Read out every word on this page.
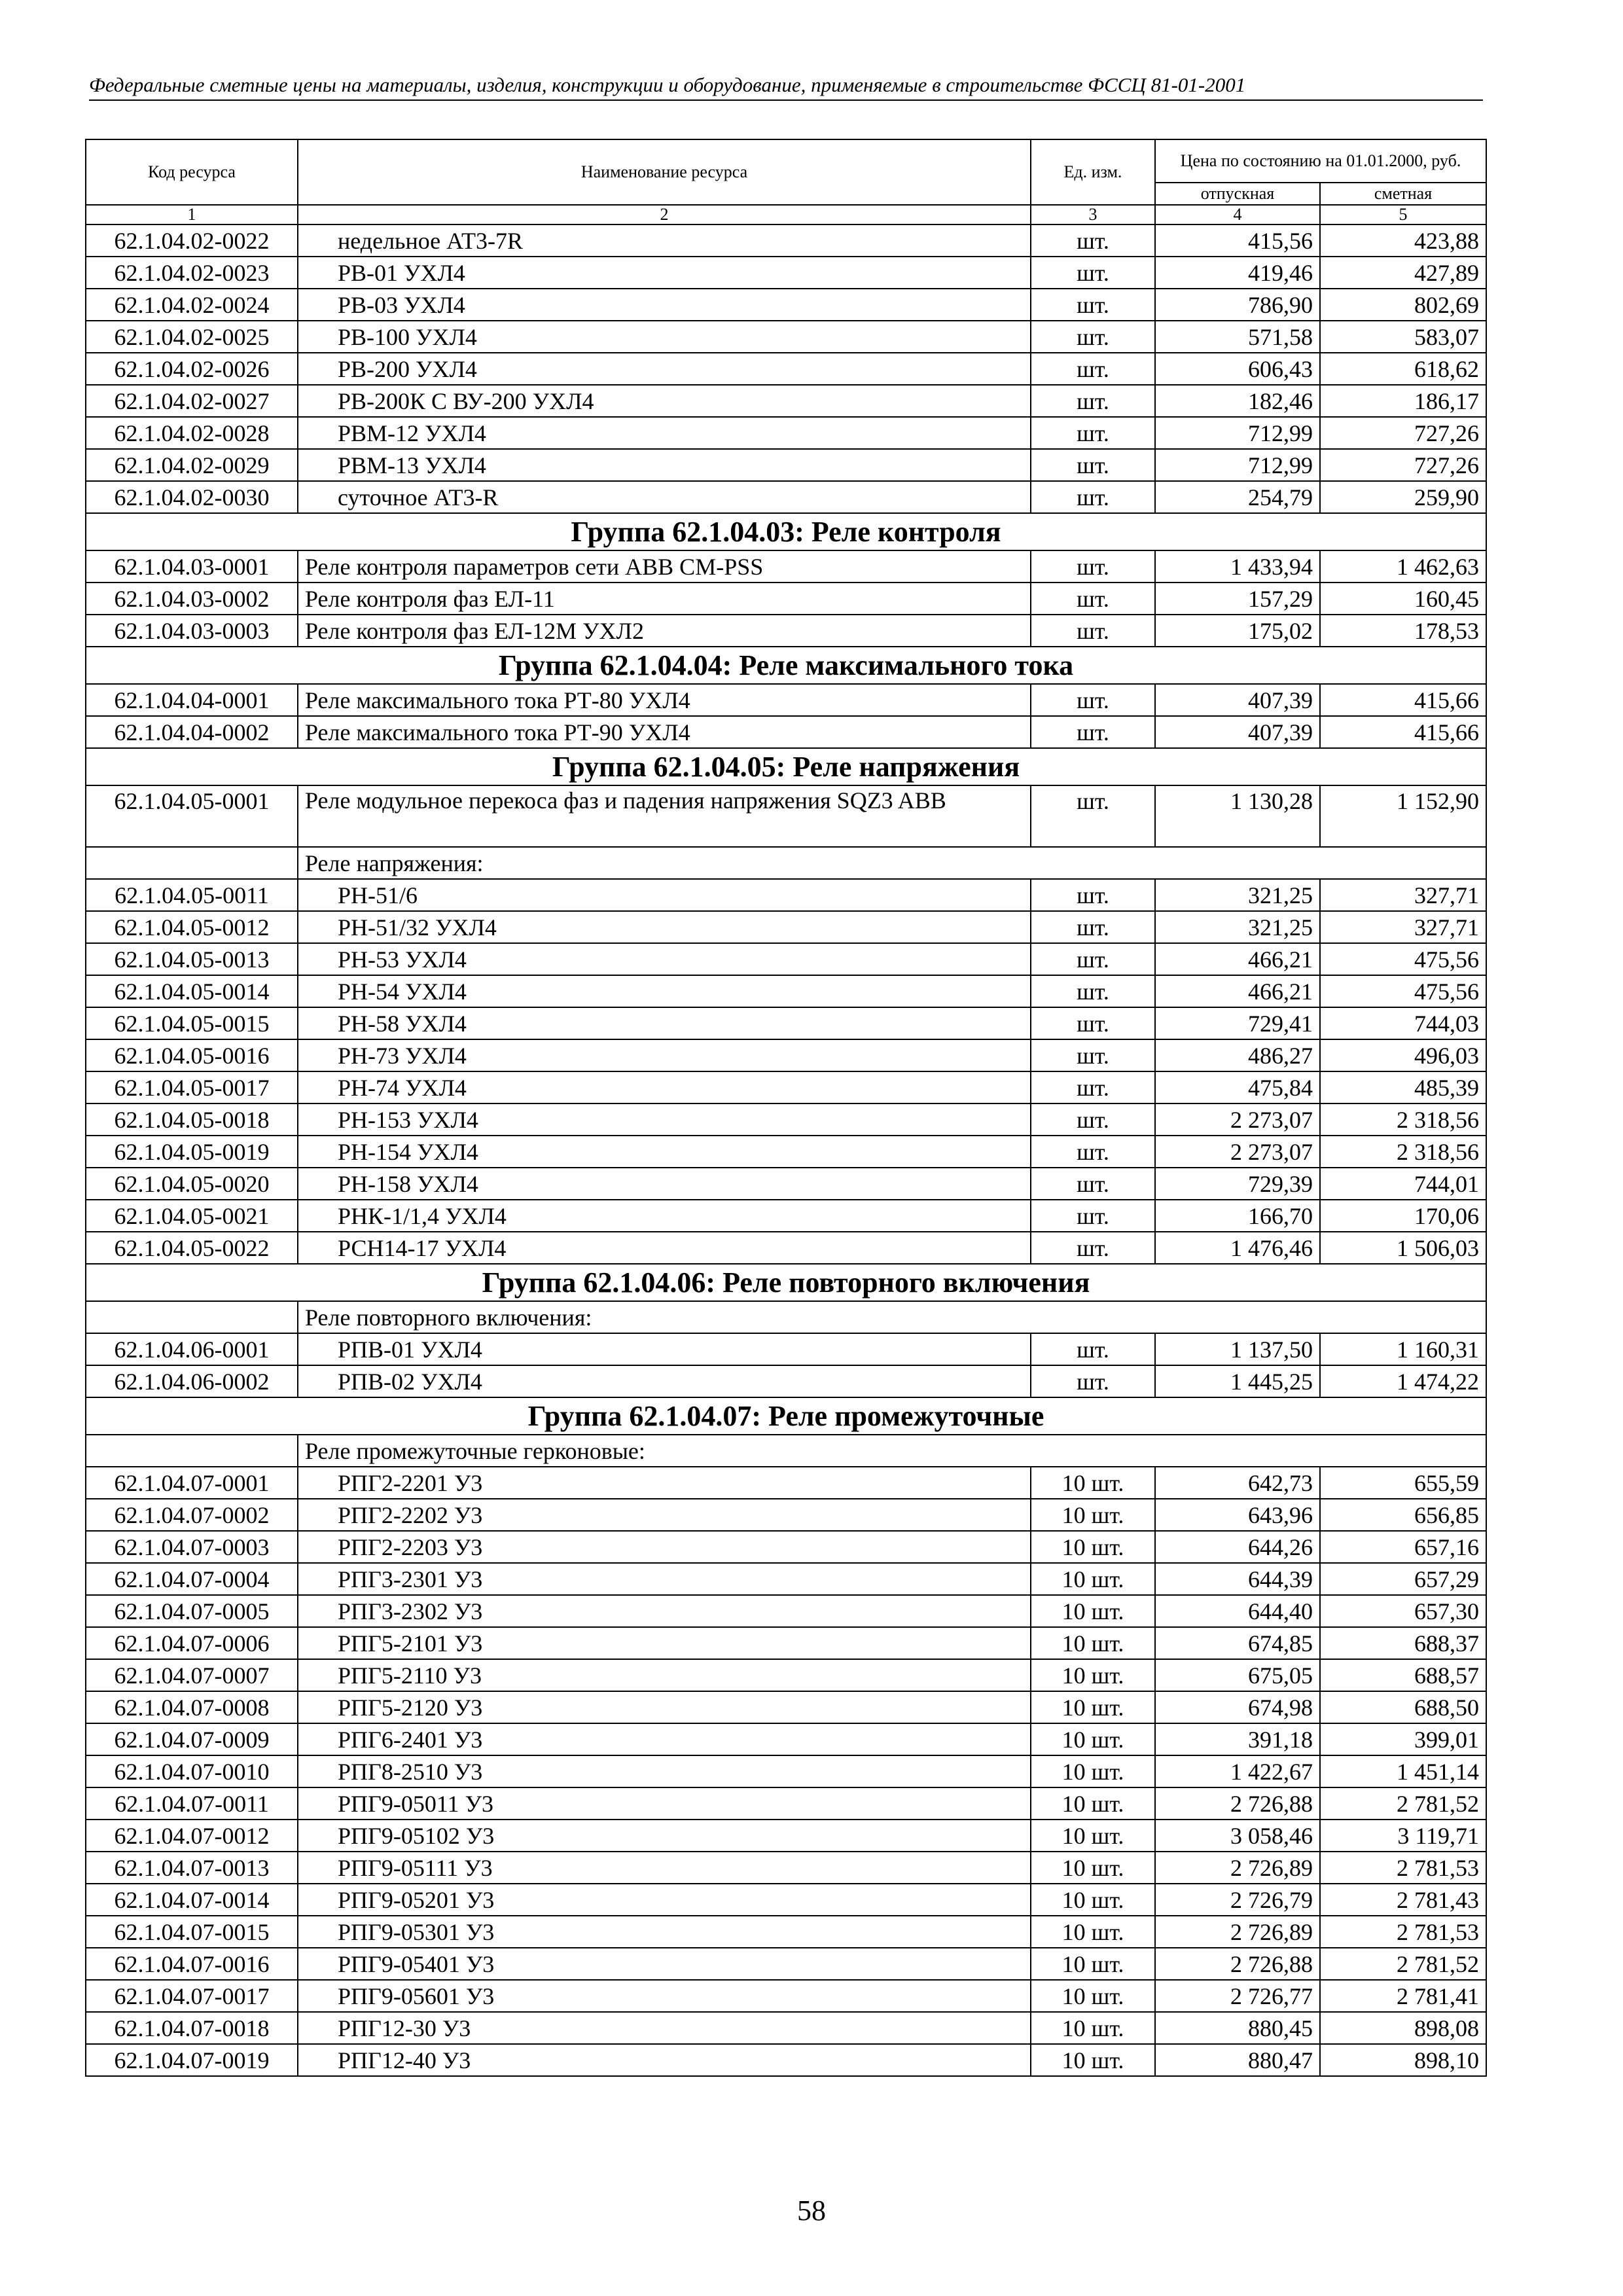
Федеральные сметные цены на материалы, изделия, конструкции и оборудование, применяемые в строительстве ФССЦ 81-01-2001
Код ресурса	Наименование ресурса	Ед. изм.	Цена по состоянию на 01.01.2000, руб.	
			отпускная	сметная
1	2	3	4	5
62.1.04.02-0022	недельное АТ3-7R	шт.	415,56	423,88
62.1.04.02-0023	РВ-01 УХЛ4	шт.	419,46	427,89
62.1.04.02-0024	РВ-03 УХЛ4	шт.	786,90	802,69
62.1.04.02-0025	РВ-100 УХЛ4	шт.	571,58	583,07
62.1.04.02-0026	РВ-200 УХЛ4	шт.	606,43	618,62
62.1.04.02-0027	РВ-200К С ВУ-200 УХЛ4	шт.	182,46	186,17
62.1.04.02-0028	РВМ-12 УХЛ4	шт.	712,99	727,26
62.1.04.02-0029	РВМ-13 УХЛ4	шт.	712,99	727,26
62.1.04.02-0030	суточное АТ3-R	шт.	254,79	259,90
Группа 62.1.04.03: Реле контроля				
62.1.04.03-0001	Реле контроля параметров сети ABB CM-PSS	шт.	1 433,94	1 462,63
62.1.04.03-0002	Реле контроля фаз ЕЛ-11	шт.	157,29	160,45
62.1.04.03-0003	Реле контроля фаз ЕЛ-12М УХЛ2	шт.	175,02	178,53
Группа 62.1.04.04: Реле максимального тока				
62.1.04.04-0001	Реле максимального тока РТ-80 УХЛ4	шт.	407,39	415,66
62.1.04.04-0002	Реле максимального тока РТ-90 УХЛ4	шт.	407,39	415,66
Группа 62.1.04.05: Реле напряжения				
62.1.04.05-0001	Реле модульное перекоса фаз и падения напряжения SQZ3 ABB	шт.	1 130,28	1 152,90
	Реле напряжения:			
62.1.04.05-0011	РН-51/6	шт.	321,25	327,71
62.1.04.05-0012	РН-51/32 УХЛ4	шт.	321,25	327,71
62.1.04.05-0013	РН-53 УХЛ4	шт.	466,21	475,56
62.1.04.05-0014	РН-54 УХЛ4	шт.	466,21	475,56
62.1.04.05-0015	РН-58 УХЛ4	шт.	729,41	744,03
62.1.04.05-0016	РН-73 УХЛ4	шт.	486,27	496,03
62.1.04.05-0017	РН-74 УХЛ4	шт.	475,84	485,39
62.1.04.05-0018	РН-153 УХЛ4	шт.	2 273,07	2 318,56
62.1.04.05-0019	РН-154 УХЛ4	шт.	2 273,07	2 318,56
62.1.04.05-0020	РН-158 УХЛ4	шт.	729,39	744,01
62.1.04.05-0021	РНК-1/1,4 УХЛ4	шт.	166,70	170,06
62.1.04.05-0022	РСН14-17 УХЛ4	шт.	1 476,46	1 506,03
Группа 62.1.04.06: Реле повторного включения				
	Реле повторного включения:			
62.1.04.06-0001	РПВ-01 УХЛ4	шт.	1 137,50	1 160,31
62.1.04.06-0002	РПВ-02 УХЛ4	шт.	1 445,25	1 474,22
Группа 62.1.04.07: Реле промежуточные				
	Реле промежуточные герконовые:			
62.1.04.07-0001	РПГ2-2201 У3	10 шт.	642,73	655,59
62.1.04.07-0002	РПГ2-2202 У3	10 шт.	643,96	656,85
62.1.04.07-0003	РПГ2-2203 У3	10 шт.	644,26	657,16
62.1.04.07-0004	РПГ3-2301 У3	10 шт.	644,39	657,29
62.1.04.07-0005	РПГ3-2302 У3	10 шт.	644,40	657,30
62.1.04.07-0006	РПГ5-2101 У3	10 шт.	674,85	688,37
62.1.04.07-0007	РПГ5-2110 У3	10 шт.	675,05	688,57
62.1.04.07-0008	РПГ5-2120 У3	10 шт.	674,98	688,50
62.1.04.07-0009	РПГ6-2401 У3	10 шт.	391,18	399,01
62.1.04.07-0010	РПГ8-2510 У3	10 шт.	1 422,67	1 451,14
62.1.04.07-0011	РПГ9-05011 У3	10 шт.	2 726,88	2 781,52
62.1.04.07-0012	РПГ9-05102 У3	10 шт.	3 058,46	3 119,71
62.1.04.07-0013	РПГ9-05111 У3	10 шт.	2 726,89	2 781,53
62.1.04.07-0014	РПГ9-05201 У3	10 шт.	2 726,79	2 781,43
62.1.04.07-0015	РПГ9-05301 У3	10 шт.	2 726,89	2 781,53
62.1.04.07-0016	РПГ9-05401 У3	10 шт.	2 726,88	2 781,52
62.1.04.07-0017	РПГ9-05601 У3	10 шт.	2 726,77	2 781,41
62.1.04.07-0018	РПГ12-30 У3	10 шт.	880,45	898,08
62.1.04.07-0019	РПГ12-40 У3	10 шт.	880,47	898,10
58
